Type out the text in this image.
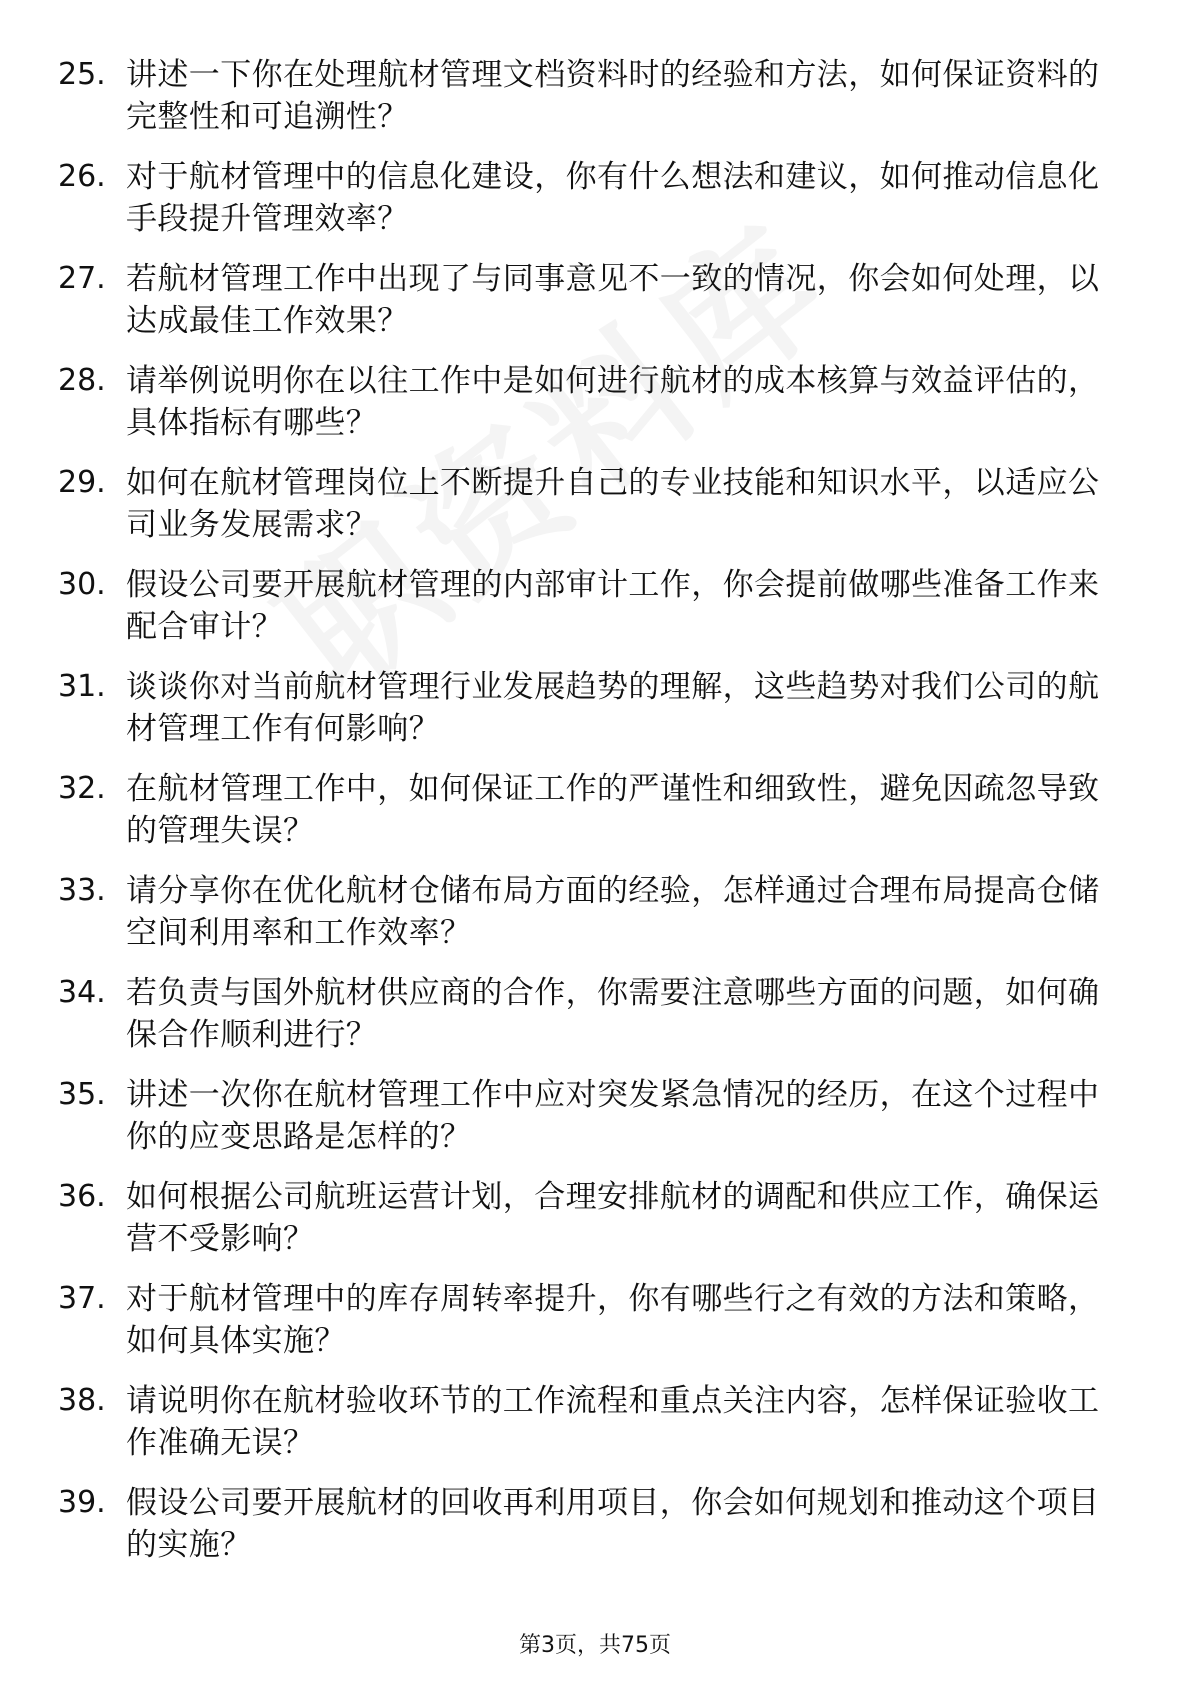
25. 讲述一下你在处理航材管理文档资料时的经验和方法，如何保证资料的完整性和可追溯性？
26. 对于航材管理中的信息化建设，你有什么想法和建议，如何推动信息化手段提升管理效率？
27. 若航材管理工作中出现了与同事意见不一致的情况，你会如何处理，以达成最佳工作效果？
28. 请举例说明你在以往工作中是如何进行航材的成本核算与效益评估的，具体指标有哪些？
29. 如何在航材管理岗位上不断提升自己的专业技能和知识水平，以适应公司业务发展需求？
30. 假设公司要开展航材管理的内部审计工作，你会提前做哪些准备工作来配合审计？
31. 谈谈你对当前航材管理行业发展趋势的理解，这些趋势对我们公司的航材管理工作有何影响？
32. 在航材管理工作中，如何保证工作的严谨性和细致性，避免因疏忽导致的管理失误？
33. 请分享你在优化航材仓储布局方面的经验，怎样通过合理布局提高仓储空间利用率和工作效率？
34. 若负责与国外航材供应商的合作，你需要注意哪些方面的问题，如何确保合作顺利进行？
35. 讲述一次你在航材管理工作中应对突发紧急情况的经历，在这个过程中你的应变思路是怎样的？
36. 如何根据公司航班运营计划，合理安排航材的调配和供应工作，确保运营不受影响？
37. 对于航材管理中的库存周转率提升，你有哪些行之有效的方法和策略，如何具体实施？
38. 请说明你在航材验收环节的工作流程和重点关注内容，怎样保证验收工作准确无误？
39. 假设公司要开展航材的回收再利用项目，你会如何规划和推动这个项目的实施？
第3页，共75页
